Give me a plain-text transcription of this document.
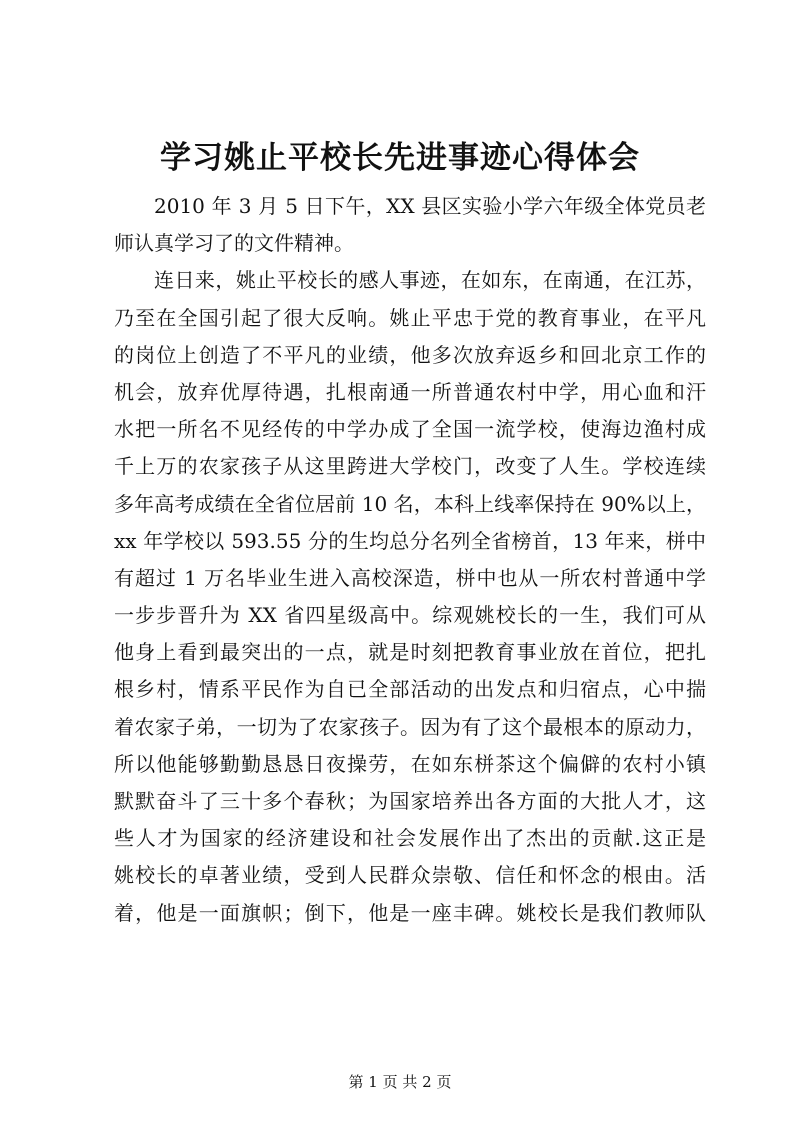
学习姚止平校长先进事迹心得体会
2010 年 3 月 5 日下午，XX 县区实验小学六年级全体党员老
师认真学习了的文件精神。
连日来，姚止平校长的感人事迹，在如东，在南通，在江苏，
乃至在全国引起了很大反响。姚止平忠于党的教育事业，在平凡
的岗位上创造了不平凡的业绩，他多次放弃返乡和回北京工作的
机会，放弃优厚待遇，扎根南通一所普通农村中学，用心血和汗
水把一所名不见经传的中学办成了全国一流学校，使海边渔村成
千上万的农家孩子从这里跨进大学校门，改变了人生。学校连续
多年高考成绩在全省位居前 10 名，本科上线率保持在 90%以上，
xx 年学校以 593.55 分的生均总分名列全省榜首，13 年来，栟中
有超过 1 万名毕业生进入高校深造，栟中也从一所农村普通中学
一步步晋升为 XX 省四星级高中。综观姚校长的一生，我们可从
他身上看到最突出的一点，就是时刻把教育事业放在首位，把扎
根乡村，情系平民作为自已全部活动的出发点和归宿点，心中揣
着农家子弟，一切为了农家孩子。因为有了这个最根本的原动力，
所以他能够勤勤恳恳日夜操劳，在如东栟茶这个偏僻的农村小镇
默默奋斗了三十多个春秋；为国家培养出各方面的大批人才，这
些人才为国家的经济建设和社会发展作出了杰出的贡献.这正是
姚校长的卓著业绩，受到人民群众崇敬、信任和怀念的根由。活
着，他是一面旗帜；倒下，他是一座丰碑。姚校长是我们教师队
第 1 页 共 2 页
